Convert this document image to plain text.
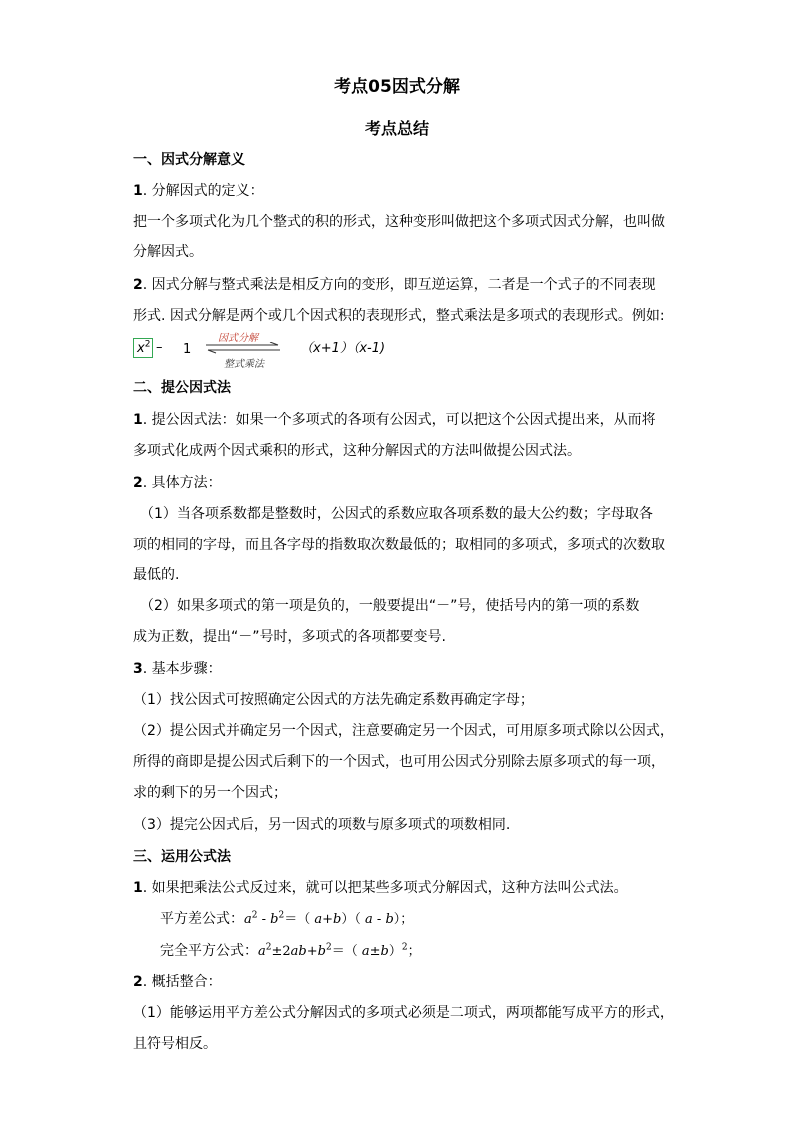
考点05因式分解
考点总结
一、因式分解意义
1. 分解因式的定义：
把一个多项式化为几个整式的积的形式，这种变形叫做把这个多项式因式分解，也叫做
分解因式。
2. 因式分解与整式乘法是相反方向的变形，即互逆运算，二者是一个式子的不同表现
形式. 因式分解是两个或几个因式积的表现形式，整式乘法是多项式的表现形式。例如:
$x^2 - 1$
因式分解
整式乘法
（x+1）（x-1)
二、提公因式法
1. 提公因式法：如果一个多项式的各项有公因式，可以把这个公因式提出来，从而将
多项式化成两个因式乘积的形式，这种分解因式的方法叫做提公因式法。
2. 具体方法：
（1）当各项系数都是整数时，公因式的系数应取各项系数的最大公约数；字母取各
项的相同的字母，而且各字母的指数取次数最低的；取相同的多项式，多项式的次数取
最低的.
（2）如果多项式的第一项是负的，一般要提出“－”号，使括号内的第一项的系数
成为正数，提出“－”号时，多项式的各项都要变号.
3. 基本步骤：
（1）找公因式可按照确定公因式的方法先确定系数再确定字母；
（2）提公因式并确定另一个因式，注意要确定另一个因式，可用原多项式除以公因式，
所得的商即是提公因式后剩下的一个因式，也可用公因式分别除去原多项式的每一项，
求的剩下的另一个因式；
（3）提完公因式后，另一因式的项数与原多项式的项数相同.
三、运用公式法
1. 如果把乘法公式反过来，就可以把某些多项式分解因式，这种方法叫公式法。
平方差公式：$a^2 - b^2=$（ a+b）（ a - b）；
完全平方公式：$a^2\pm 2ab+b^2=$（ a±b）$^2$；
2. 概括整合：
（1）能够运用平方差公式分解因式的多项式必须是二项式，两项都能写成平方的形式，
且符号相反。
